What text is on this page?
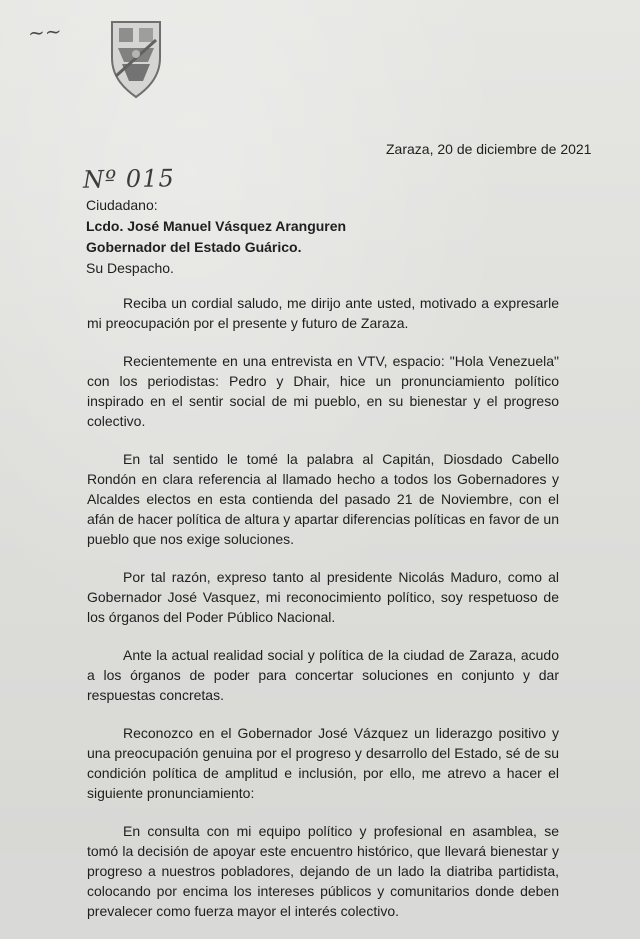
~~
Zaraza, 20 de diciembre de 2021
Nº 015
Ciudadano:
Lcdo. José Manuel Vásquez Aranguren
Gobernador del Estado Guárico.
Su Despacho.

Reciba un cordial saludo, me dirijo ante usted, motivado a expresarle mi preocupación por el presente y futuro de Zaraza.

Recientemente en una entrevista en VTV, espacio: "Hola Venezuela" con los periodistas: Pedro y Dhair, hice un pronunciamiento político inspirado en el sentir social de mi pueblo, en su bienestar y el progreso colectivo.

En tal sentido le tomé la palabra al Capitán, Diosdado Cabello Rondón en clara referencia al llamado hecho a todos los Gobernadores y Alcaldes electos en esta contienda del pasado 21 de Noviembre, con el afán de hacer política de altura y apartar diferencias políticas en favor de un pueblo que nos exige soluciones.

Por tal razón, expreso tanto al presidente Nicolás Maduro, como al Gobernador José Vasquez, mi reconocimiento político, soy respetuoso de los órganos del Poder Público Nacional.

Ante la actual realidad social y política de la ciudad de Zaraza, acudo a los órganos de poder para concertar soluciones en conjunto y dar respuestas concretas.

Reconozco en el Gobernador José Vázquez un liderazgo positivo y una preocupación genuina por el progreso y desarrollo del Estado, sé de su condición política de amplitud e inclusión, por ello, me atrevo a hacer el siguiente pronunciamiento:

En consulta con mi equipo político y profesional en asamblea, se tomó la decisión de apoyar este encuentro histórico, que llevará bienestar y progreso a nuestros pobladores, dejando de un lado la diatriba partidista, colocando por encima los intereses públicos y comunitarios donde deben prevalecer como fuerza mayor el interés colectivo.
